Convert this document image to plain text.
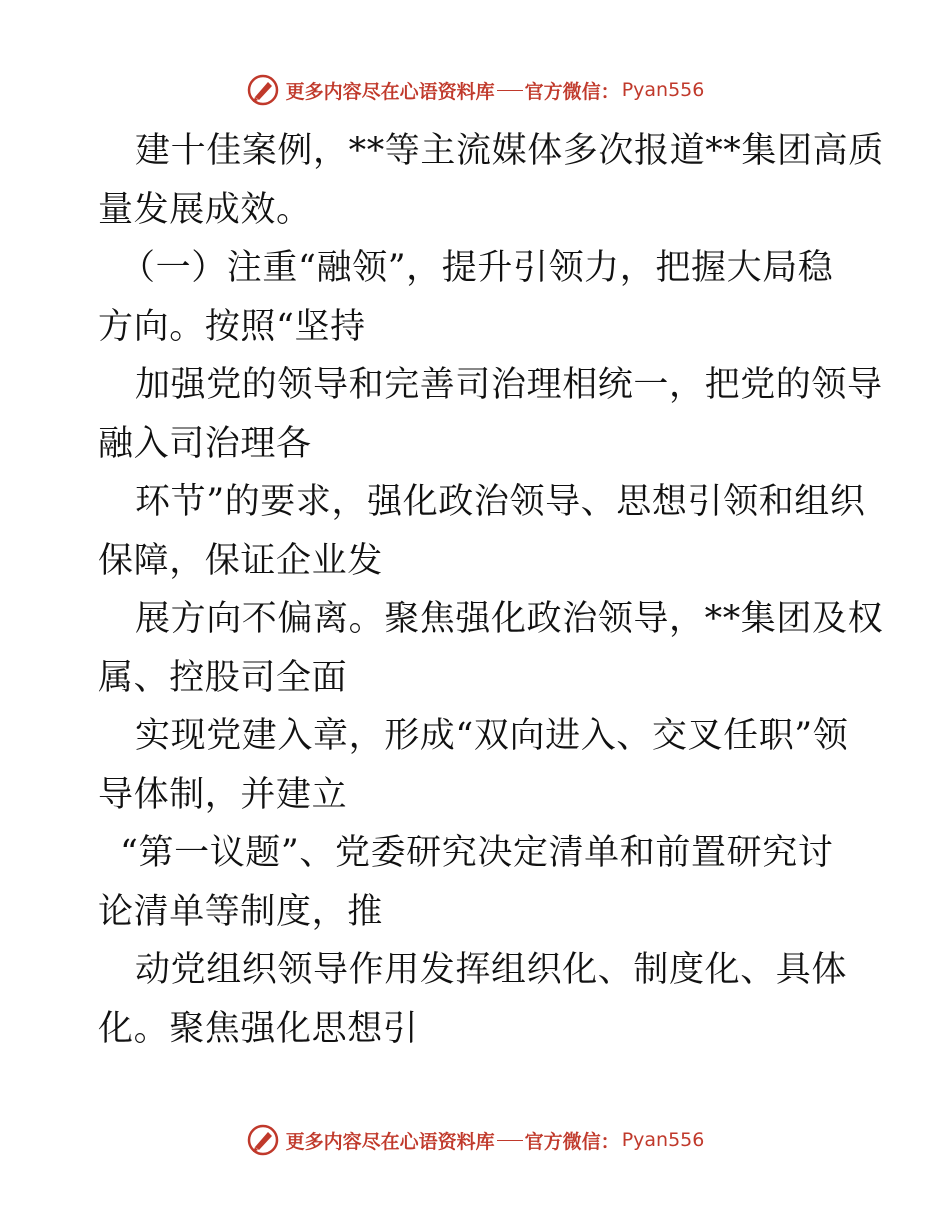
更多内容尽在心语资料库 官方微信： Pyan556
建十佳案例，**等主流媒体多次报道**集团高质
量发展成效。
（一）注重“融领”，提升引领力，把握大局稳
方向。按照“坚持
加强党的领导和完善司治理相统一，把党的领导
融入司治理各
环节”的要求，强化政治领导、思想引领和组织
保障，保证企业发
展方向不偏离。聚焦强化政治领导，**集团及权
属、控股司全面
实现党建入章，形成“双向进入、交叉任职”领
导体制，并建立
“第一议题”、党委研究决定清单和前置研究讨
论清单等制度，推
动党组织领导作用发挥组织化、制度化、具体
化。聚焦强化思想引
更多内容尽在心语资料库 官方微信： Pyan556
